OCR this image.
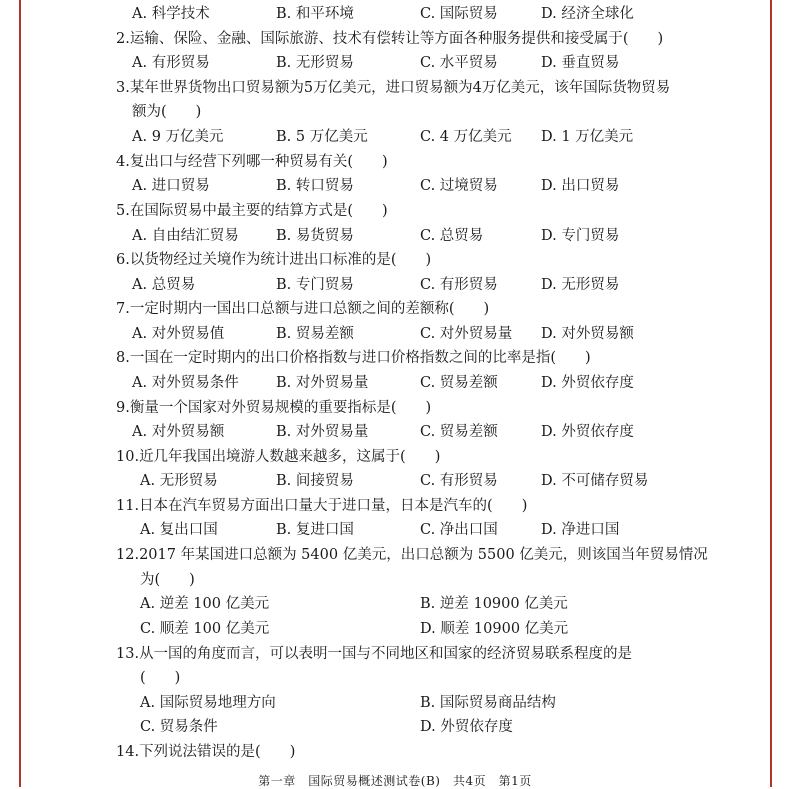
A. 科学技术	B. 和平环境	C. 国际贸易	D. 经济全球化
2.运输、保险、金融、国际旅游、技术有偿转让等方面各种服务提供和接受属于(　　)
A. 有形贸易	B. 无形贸易	C. 水平贸易	D. 垂直贸易
3.某年世界货物出口贸易额为5万亿美元，进口贸易额为4万亿美元，该年国际货物贸易
额为(　　)
A. 9 万亿美元	B. 5 万亿美元	C. 4 万亿美元 D. 1 万亿美元
4.复出口与经营下列哪一种贸易有关(　　)
A. 进口贸易	B. 转口贸易	C. 过境贸易	D. 出口贸易
5.在国际贸易中最主要的结算方式是(　　)
A. 自由结汇贸易	B. 易货贸易	C. 总贸易	D. 专门贸易
6.以货物经过关境作为统计进出口标准的是(　　)
A. 总贸易	B. 专门贸易	C. 有形贸易	D. 无形贸易
7.一定时期内一国出口总额与进口总额之间的差额称(　　)
A. 对外贸易值	B. 贸易差额	C. 对外贸易量 D. 对外贸易额
8.一国在一定时期内的出口价格指数与进口价格指数之间的比率是指(　　)
A. 对外贸易条件	B. 对外贸易量	C. 贸易差额	D. 外贸依存度
9.衡量一个国家对外贸易规模的重要指标是(　　)
A. 对外贸易额	B. 对外贸易量	C. 贸易差额	D. 外贸依存度
10.近几年我国出境游人数越来越多，这属于(　　)
A. 无形贸易	B. 间接贸易	C. 有形贸易	D. 不可储存贸易
11.日本在汽车贸易方面出口量大于进口量，日本是汽车的(　　)
A. 复出口国	B. 复进口国	C. 净出口国	D. 净进口国
12.2017 年某国进口总额为 5400 亿美元，出口总额为 5500 亿美元，则该国当年贸易情况
为(　　)
A. 逆差 100 亿美元	B. 逆差 10900 亿美元
C. 顺差 100 亿美元	D. 顺差 10900 亿美元
13.从一国的角度而言，可以表明一国与不同地区和国家的经济贸易联系程度的是
(　　)
A. 国际贸易地理方向	B. 国际贸易商品结构
C. 贸易条件	D. 外贸依存度
14.下列说法错误的是(　　)
第一章　国际贸易概述测试卷(B)　共4页　第1页
